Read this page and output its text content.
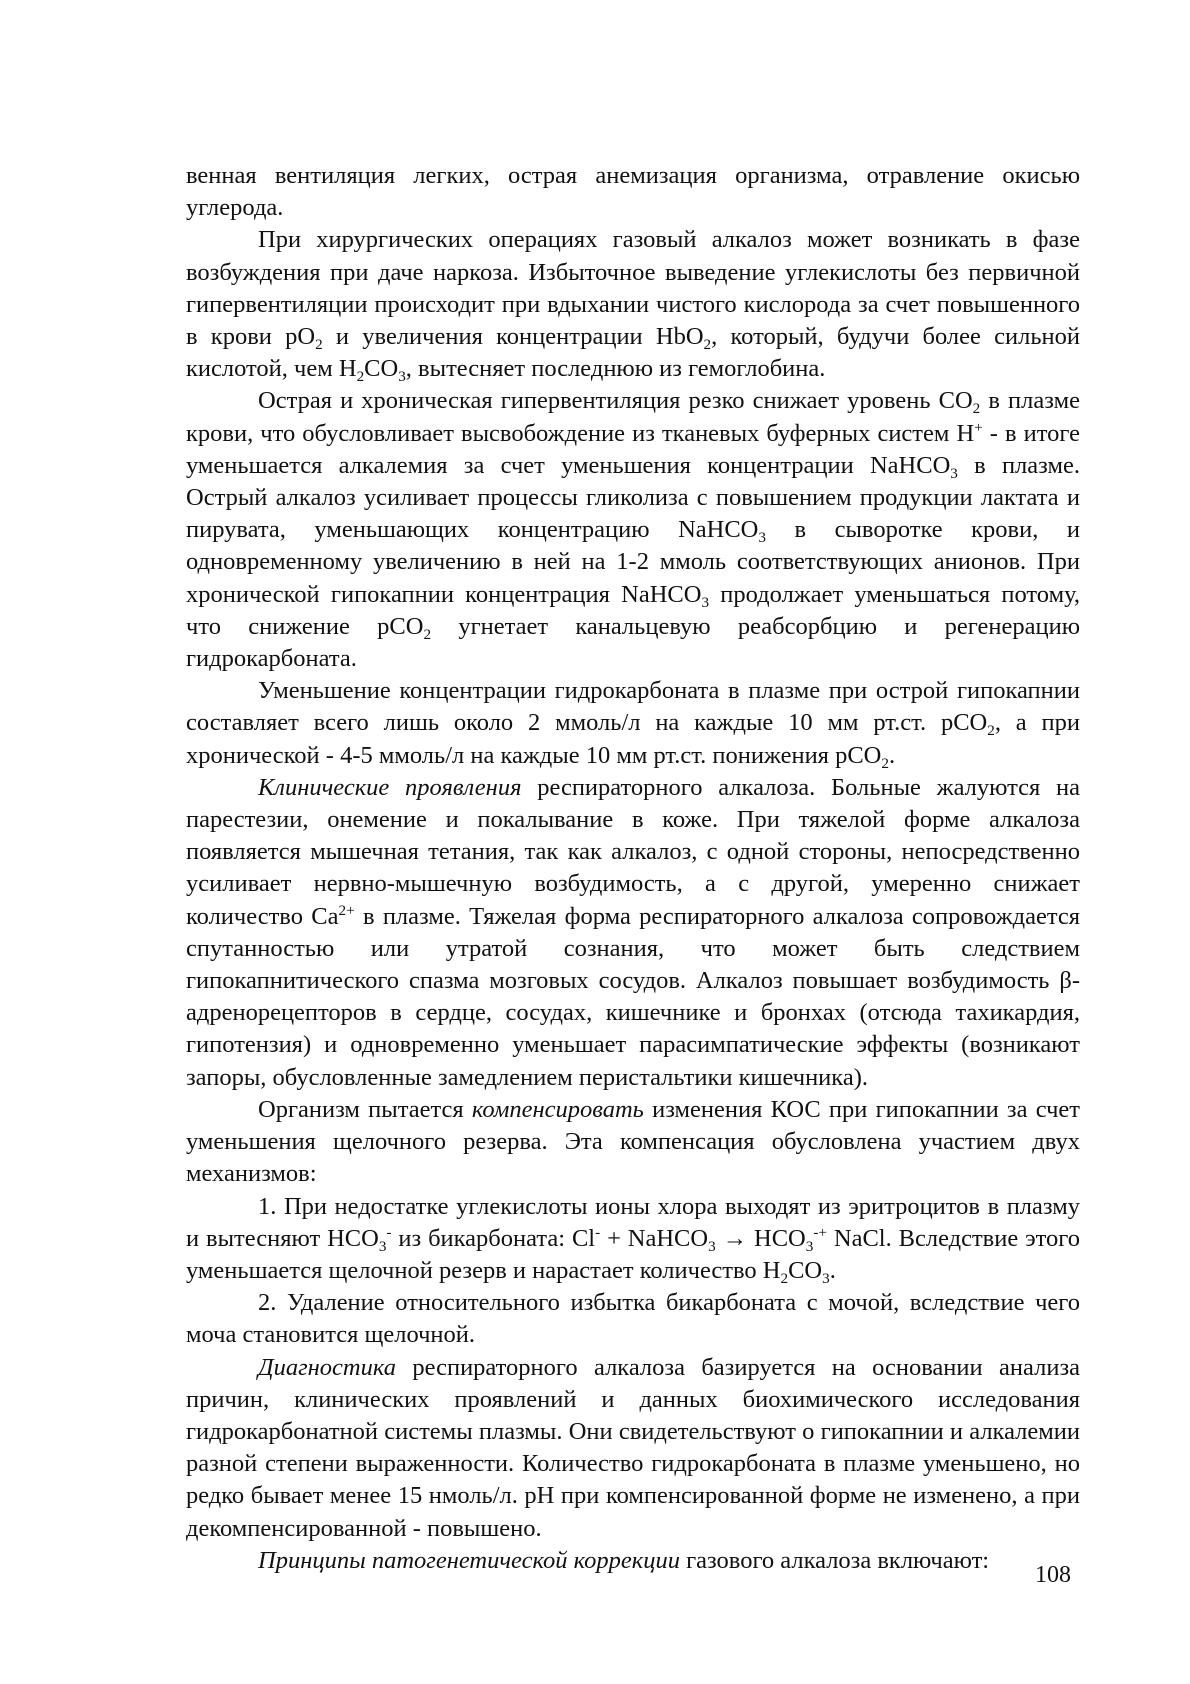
венная вентиляция легких, острая анемизация организма, отравление окисью углерода.

При хирургических операциях газовый алкалоз может возникать в фазе возбуждения при даче наркоза. Избыточное выведение углекислоты без первичной гипервентиляции происходит при вдыхании чистого кислорода за счет повышенного в крови $pO_2$ и увеличения концентрации HbO$_2$, который, будучи более сильной кислотой, чем $H_2CO_3$, вытесняет последнюю из гемоглобина.

Острая и хроническая гипервентиляция резко снижает уровень $CO_2$ в плазме крови, что обусловливает высвобождение из тканевых буферных систем H+ - в итоге уменьшается алкалемия за счет уменьшения концентрации NaHCO$_3$ в плазме. Острый алкалоз усиливает процессы гликолиза с повышением продукции лактата и пирувата, уменьшающих концентрацию NaHCO$_3$ в сыворотке крови, и одновременному увеличению в ней на 1-2 ммоль соответствующих анионов. При хронической гипокапнии концентрация NaHCO$_3$ продолжает уменьшаться потому, что снижение pCO$_2$ угнетает канальцевую реабсорбцию и регенерацию гидрокарбоната.

Уменьшение концентрации гидрокарбоната в плазме при острой гипокапнии составляет всего лишь около 2 ммоль/л на каждые 10 мм рт.ст. pCO$_2$, а при хронической - 4-5 ммоль/л на каждые 10 мм рт.ст. понижения pCO$_2$.

Клинические проявления респираторного алкалоза. Больные жалуются на парестезии, онемение и покалывание в коже. При тяжелой форме алкалоза появляется мышечная тетания, так как алкалоз, с одной стороны, непосредственно усиливает нервно-мышечную возбудимость, а с другой, умеренно снижает количество $Ca^{2+}$ в плазме. Тяжелая форма респираторного алкалоза сопровождается спутанностью или утратой сознания, что может быть следствием гипокапнитического спазма мозговых сосудов. Алкалоз повышает возбудимость β-адренорецепторов в сердце, сосудах, кишечнике и бронхах (отсюда тахикардия, гипотензия) и одновременно уменьшает парасимпатические эффекты (возникают запоры, обусловленные замедлением перистальтики кишечника).

Организм пытается компенсировать изменения КОС при гипокапнии за счет уменьшения щелочного резерва. Эта компенсация обусловлена участием двух механизмов:

1. При недостатке углекислоты ионы хлора выходят из эритроцитов в плазму и вытесняют $HCO_3^-$ из бикарбоната: Cl- + NaHCO$_3$ → $HCO_3^{-+}$ NaCl. Вследствие этого уменьшается щелочной резерв и нарастает количество $H_2CO_3$.

2. Удаление относительного избытка бикарбоната с мочой, вследствие чего моча становится щелочной.

Диагностика респираторного алкалоза базируется на основании анализа причин, клинических проявлений и данных биохимического исследования гидрокарбонатной системы плазмы. Они свидетельствуют о гипокапнии и алкалемии разной степени выраженности. Количество гидрокарбоната в плазме уменьшено, но редко бывает менее 15 нмоль/л. pH при компенсированной форме не изменено, а при декомпенсированной - повышено.

Принципы патогенетической коррекции газового алкалоза включают:

108
